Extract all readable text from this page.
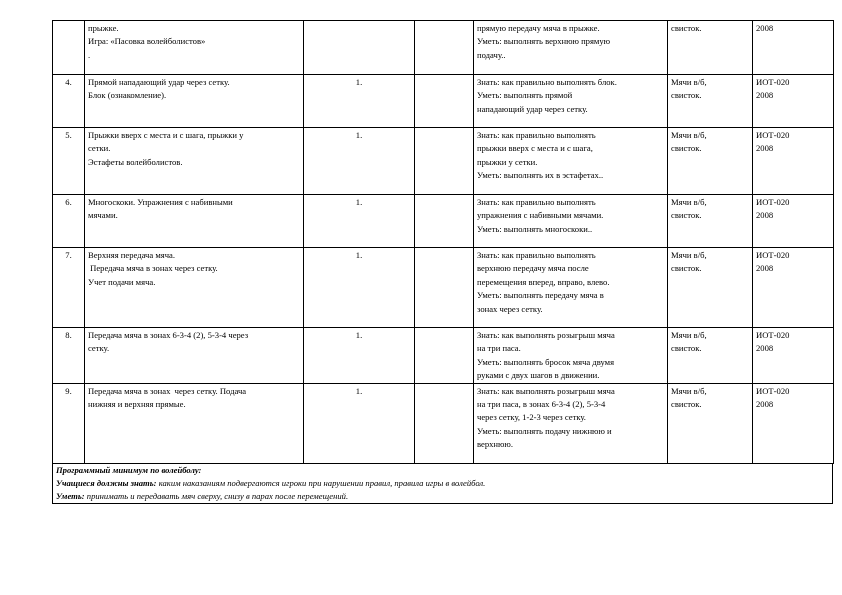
	прыжке.
Игра: «Пасовка волейболистов»
.			прямую передачу мяча в прыжке.
Уметь: выполнять верхнюю прямую
подачу..	свисток.	2008

4.	Прямой нападающий удар через сетку.
Блок (ознакомление).	1.		Знать: как правильно выполнять блок.
Уметь: выполнять прямой
нападающий удар через сетку.	Мячи в/б,
свисток.	ИОТ-020
2008

5.	Прыжки вверх с места и с шага, прыжки у
сетки.
Эстафеты волейболистов.	1.		Знать: как правильно выполнять
прыжки вверх с места и с шага,
прыжки у сетки.
Уметь: выполнять их в эстафетах..	Мячи в/б,
свисток.	ИОТ-020
2008

6.	Многоскоки. Упражнения с набивными
мячами.	1.		Знать: как правильно выполнять
упражнения с набивными мячами.
Уметь: выполнять многоскоки..	Мячи в/б,
свисток.	ИОТ-020
2008

7.	Верхняя передача мяча.
Передача мяча в зонах через сетку.
Учет подачи мяча.	1.		Знать: как правильно выполнять
верхнюю передачу мяча после
перемещения вперед, вправо, влево.
Уметь: выполнять передачу мяча в
зонах через сетку.	Мячи в/б,
свисток.	ИОТ-020
2008

8.	Передача мяча в зонах 6-3-4 (2), 5-3-4 через
сетку.	1.		Знать: как выполнять розыгрыш мяча
на три паса.
Уметь: выполнять бросок мяча двумя
руками с двух шагов в движении.	Мячи в/б,
свисток.	ИОТ-020
2008

9.	Передача мяча в зонах  через сетку. Подача
нижняя и верхняя прямые.	1.		Знать: как выполнять розыгрыш мяча
на три паса, в зонах 6-3-4 (2), 5-3-4
через сетку, 1-2-3 через сетку.
Уметь: выполнять подачу нижнюю и
верхнюю.	Мячи в/б,
свисток.	ИОТ-020
2008
Программный минимум по волейболу:
Учащиеся должны знать: каким наказаниям подвергаются игроки при нарушении правил, правила игры в волейбол.
Уметь: принимать и передавать мяч сверху, снизу в парах после перемещений.
